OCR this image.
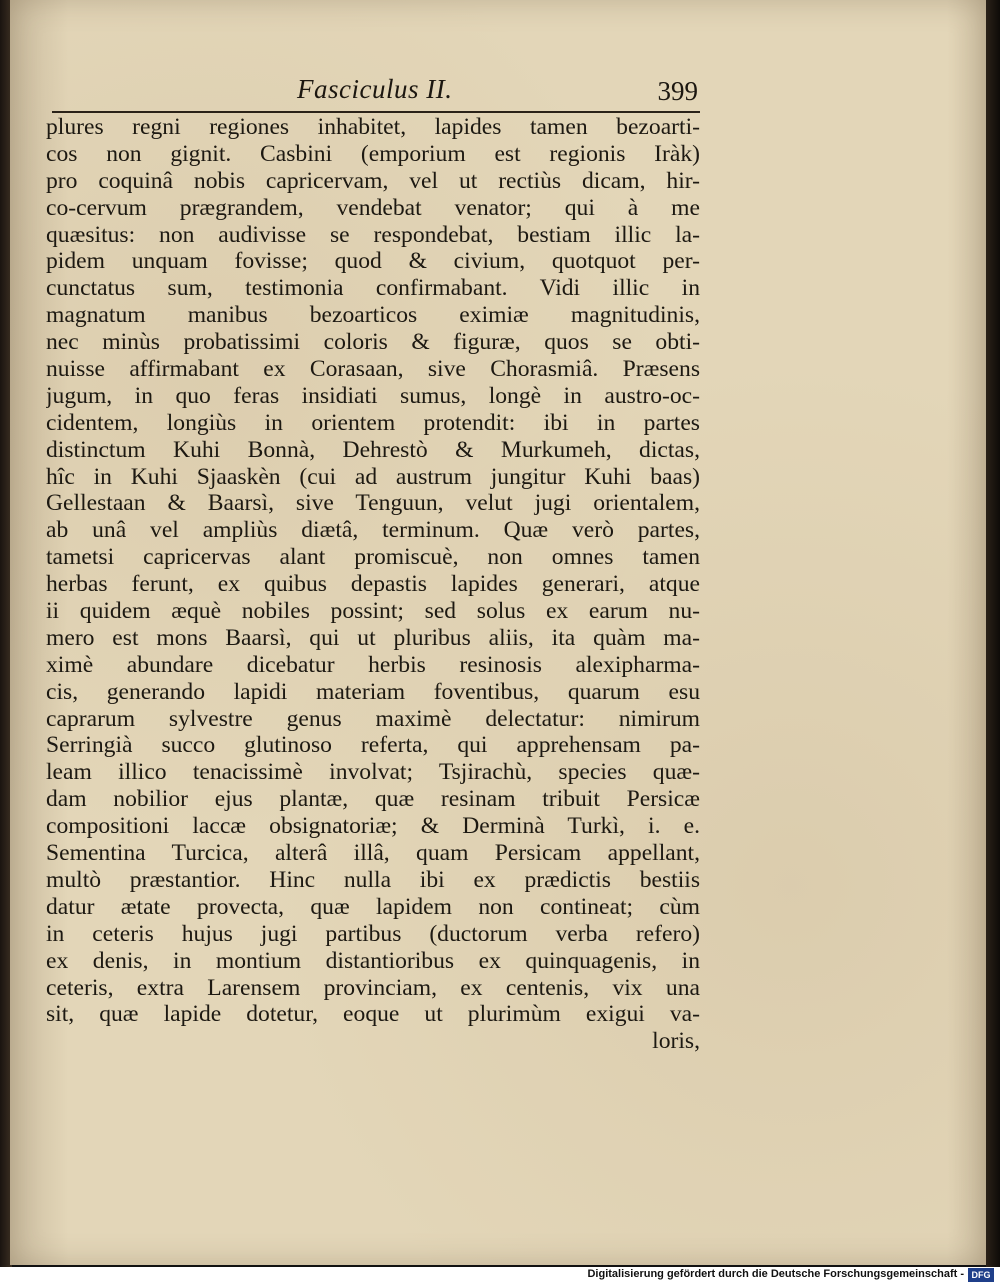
Fasciculus II.	399
plures regni regiones inhabitet, lapides tamen bezoarti-
cos non gignit. Casbini (emporium est regionis Iràk)
pro coquinâ nobis capricervam, vel ut rectiùs dicam, hir-
co-cervum prægrandem, vendebat venator; qui à me
quæsitus: non audivisse se respondebat, bestiam illic la-
pidem unquam fovisse; quod & civium, quotquot per-
cunctatus sum, testimonia confirmabant. Vidi illic in
magnatum manibus bezoarticos eximiæ magnitudinis,
nec minùs probatissimi coloris & figuræ, quos se obti-
nuisse affirmabant ex Corasaan, sive Chorasmiâ. Præsens
jugum, in quo feras insidiati sumus, longè in austro-oc-
cidentem, longiùs in orientem protendit: ibi in partes
distinctum Kuhi Bonnà, Dehrestò & Murkumeh, dictas,
hîc in Kuhi Sjaaskèn (cui ad austrum jungitur Kuhi baas)
Gellestaan & Baarsì, sive Tenguun, velut jugi orientalem,
ab unâ vel ampliùs diætâ, terminum. Quæ verò partes,
tametsi capricervas alant promiscuè, non omnes tamen
herbas ferunt, ex quibus depastis lapides generari, atque
ii quidem æquè nobiles possint; sed solus ex earum nu-
mero est mons Baarsì, qui ut pluribus aliis, ita quàm ma-
ximè abundare dicebatur herbis resinosis alexipharma-
cis, generando lapidi materiam foventibus, quarum esu
caprarum sylvestre genus maximè delectatur: nimirum
Serringià succo glutinoso referta, qui apprehensam pa-
leam illico tenacissimè involvat; Tsjirachù, species quæ-
dam nobilior ejus plantæ, quæ resinam tribuit Persicæ
compositioni laccæ obsignatoriæ; & Derminà Turkì, i. e.
Sementina Turcica, alterâ illâ, quam Persicam appellant,
multò præstantior. Hinc nulla ibi ex prædictis bestiis
datur ætate provecta, quæ lapidem non contineat; cùm
in ceteris hujus jugi partibus (ductorum verba refero)
ex denis, in montium distantioribus ex quinquagenis, in
ceteris, extra Larensem provinciam, ex centenis, vix una
sit, quæ lapide dotetur, eoque ut plurimùm exigui va-
loris,
Digitalisierung gefördert durch die Deutsche Forschungsgemeinschaft - DFG
